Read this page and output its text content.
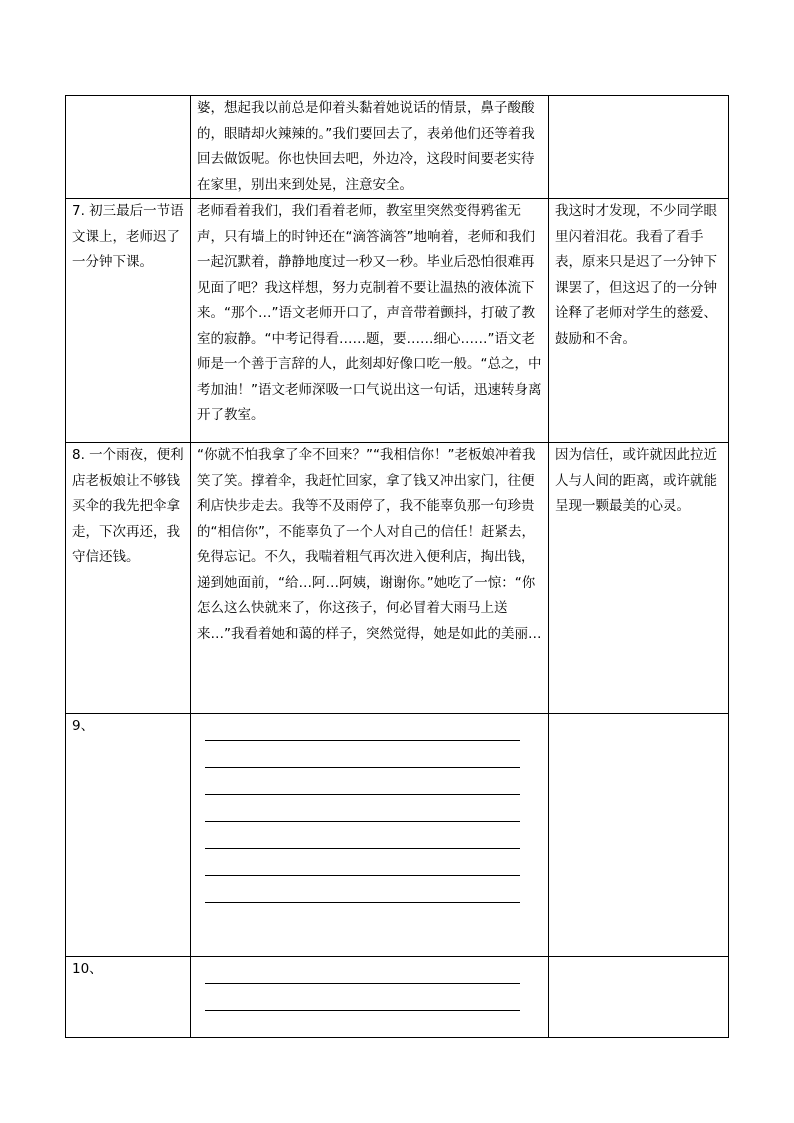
	婆，想起我以前总是仰着头黏着她说话的情景，鼻子酸酸的，眼睛却火辣辣的。”我们要回去了，表弟他们还等着我回去做饭呢。你也快回去吧，外边冷，这段时间要老实待在家里，别出来到处晃，注意安全。	
7. 初三最后一节语文课上，老师迟了一分钟下课。	老师看着我们，我们看着老师，教室里突然变得鸦雀无声，只有墙上的时钟还在“滴答滴答”地响着，老师和我们一起沉默着，静静地度过一秒又一秒。毕业后恐怕很难再见面了吧？我这样想，努力克制着不要让温热的液体流下来。“那个…”语文老师开口了，声音带着颤抖，打破了教室的寂静。“中考记得看……题，要……细心……”语文老师是一个善于言辞的人，此刻却好像口吃一般。“总之，中考加油！”语文老师深吸一口气说出这一句话，迅速转身离开了教室。	我这时才发现，不少同学眼里闪着泪花。我看了看手表，原来只是迟了一分钟下课罢了，但这迟了的一分钟诠释了老师对学生的慈爱、鼓励和不舍。
8. 一个雨夜，便利店老板娘让不够钱买伞的我先把伞拿走，下次再还，我守信还钱。	“你就不怕我拿了伞不回来？”“我相信你！”老板娘冲着我笑了笑。撑着伞，我赶忙回家，拿了钱又冲出家门，往便利店快步走去。我等不及雨停了，我不能辜负那一句珍贵的“相信你”，不能辜负了一个人对自己的信任！赶紧去，免得忘记。不久，我喘着粗气再次进入便利店，掏出钱，递到她面前，“给…阿…阿姨，谢谢你。”她吃了一惊：“你怎么这么快就来了，你这孩子，何必冒着大雨马上送来…”我看着她和蔼的样子，突然觉得，她是如此的美丽…	因为信任，或许就因此拉近人与人间的距离，或许就能呈现一颗最美的心灵。
9、	

10、	
